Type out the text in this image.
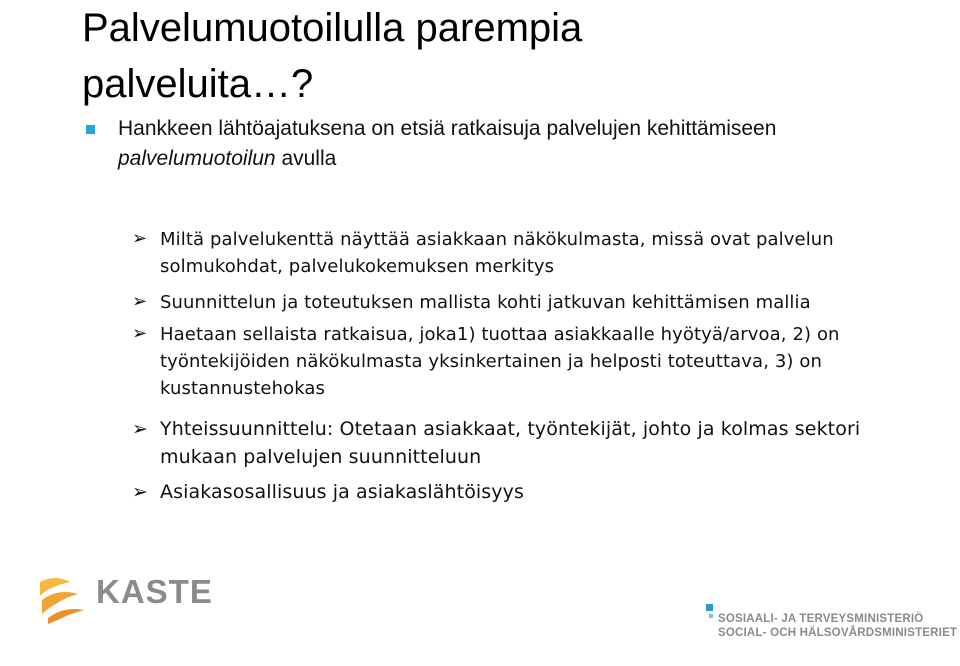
Palvelumuotoilulla parempia
palveluita…?
Hankkeen lähtöajatuksena on etsiä ratkaisuja palvelujen kehittämiseen palvelumuotoilun avulla
➢ Miltä palvelukenttä näyttää asiakkaan näkökulmasta, missä ovat palvelun
solmukohdat, palvelukokemuksen merkitys
➢ Suunnittelun ja toteutuksen mallista kohti jatkuvan kehittämisen mallia
➢ Haetaan sellaista ratkaisua, joka1) tuottaa asiakkaalle hyötyä/arvoa, 2) on
työntekijöiden näkökulmasta yksinkertainen ja helposti toteuttava, 3) on
kustannustehokas
➢ Yhteissuunnittelu: Otetaan asiakkaat, työntekijät, johto ja kolmas sektori
mukaan palvelujen suunnitteluun
➢ Asiakasosallisuus ja asiakaslähtöisyys
KASTE
SOSIAALI- JA TERVEYSMINISTERIÖ
SOCIAL- OCH HÄLSOVÅRDSMINISTERIET
